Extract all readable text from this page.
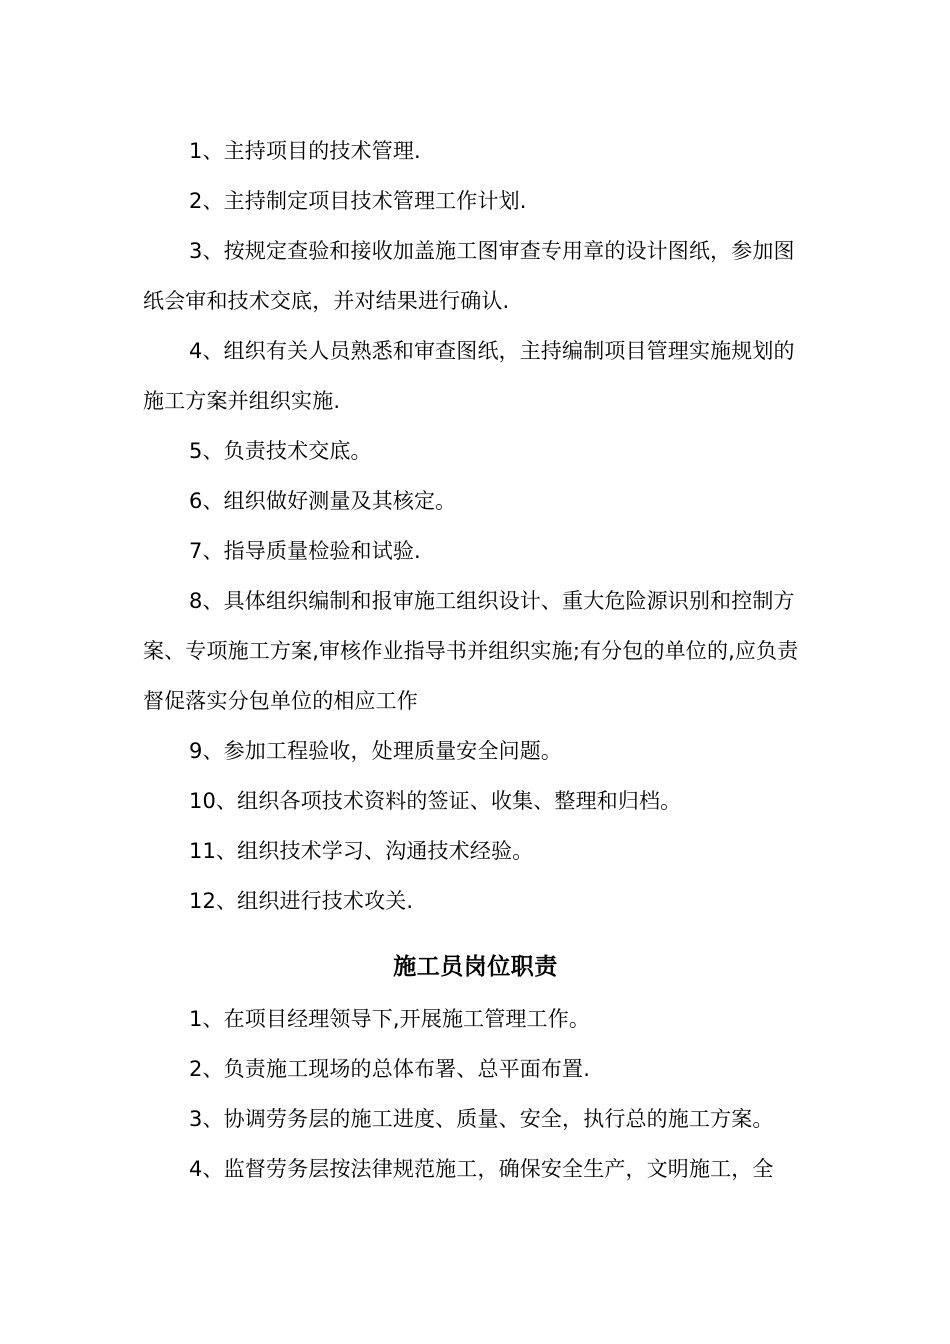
1、主持项目的技术管理.

2、主持制定项目技术管理工作计划.

3、按规定查验和接收加盖施工图审查专用章的设计图纸，参加图纸会审和技术交底，并对结果进行确认.

4、组织有关人员熟悉和审查图纸，主持编制项目管理实施规划的施工方案并组织实施.

5、负责技术交底。

6、组织做好测量及其核定。

7、指导质量检验和试验.

8、具体组织编制和报审施工组织设计、重大危险源识别和控制方案、专项施工方案,审核作业指导书并组织实施;有分包的单位的,应负责督促落实分包单位的相应工作

9、参加工程验收，处理质量安全问题。

10、组织各项技术资料的签证、收集、整理和归档。

11、组织技术学习、沟通技术经验。

12、组织进行技术攻关.

施工员岗位职责

1、在项目经理领导下,开展施工管理工作。

2、负责施工现场的总体布署、总平面布置.

3、协调劳务层的施工进度、质量、安全，执行总的施工方案。

4、监督劳务层按法律规范施工，确保安全生产，文明施工，全
